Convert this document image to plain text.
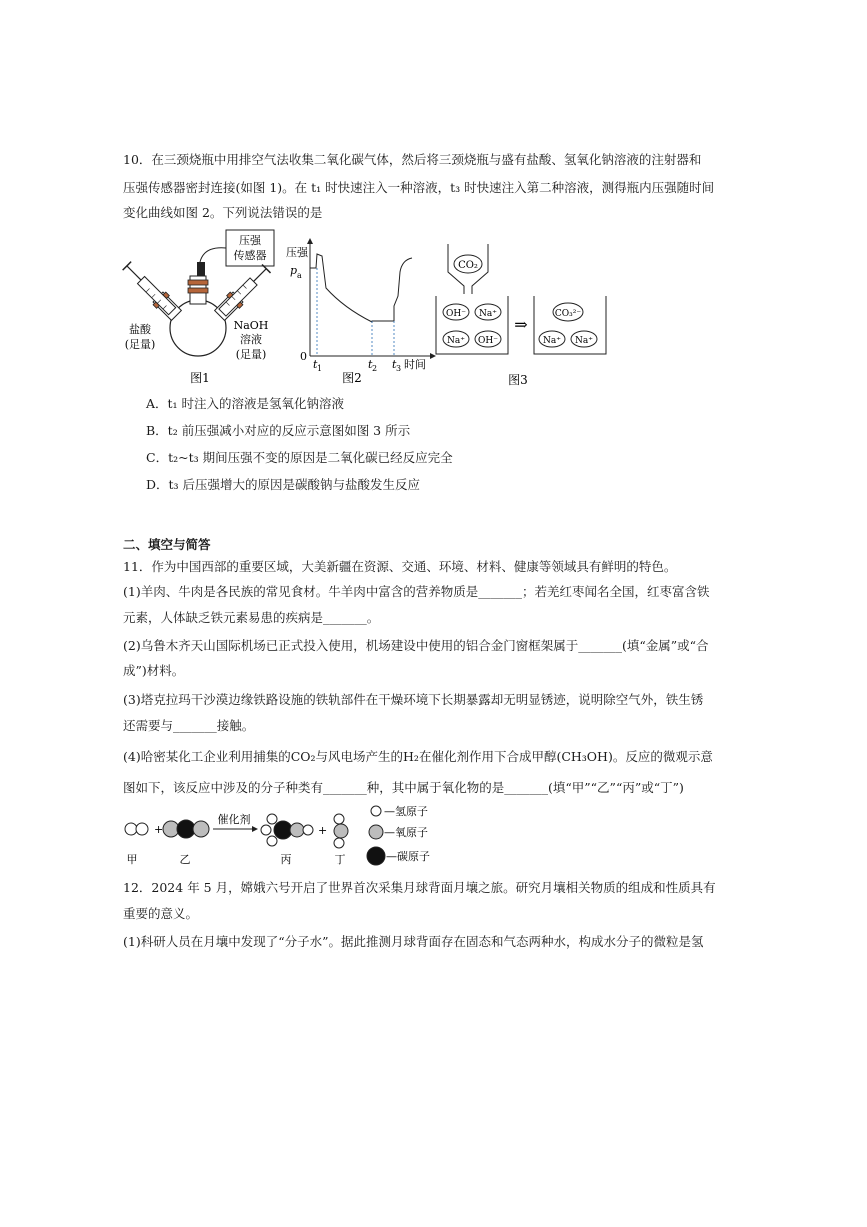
10．在三颈烧瓶中用排空气法收集二氧化碳气体，然后将三颈烧瓶与盛有盐酸、氢氧化钠溶液的注射器和
压强传感器密封连接(如图 1)。在 t₁ 时快速注入一种溶液，t₃ 时快速注入第二种溶液，测得瓶内压强随时间
变化曲线如图 2。下列说法错误的是
压强
传感器
盐酸
(足量)
NaOH
溶液
(足量)
图1
压强
p a
0
t 1	t 2 t 3 时间
图2
CO₂
OH⁻ Na⁺
Na⁺ OH⁻
⇒
CO₃²⁻
Na⁺ Na⁺
图3
A．t₁ 时注入的溶液是氢氧化钠溶液
B．t₂ 前压强减小对应的反应示意图如图 3 所示
C．t₂~t₃ 期间压强不变的原因是二氧化碳已经反应完全
D．t₃ 后压强增大的原因是碳酸钠与盐酸发生反应
二、填空与简答
11．作为中国西部的重要区域，大美新疆在资源、交通、环境、材料、健康等领域具有鲜明的特色。
(1)羊肉、牛肉是各民族的常见食材。牛羊肉中富含的营养物质是_______；若羌红枣闻名全国，红枣富含铁
元素，人体缺乏铁元素易患的疾病是_______。
(2)乌鲁木齐天山国际机场已正式投入使用，机场建设中使用的铝合金门窗框架属于_______(填“金属”或“合
成”)材料。
(3)塔克拉玛干沙漠边缘铁路设施的铁轨部件在干燥环境下长期暴露却无明显锈迹，说明除空气外，铁生锈
还需要与_______接触。
(4)哈密某化工企业利用捕集的CO₂与风电场产生的H₂在催化剂作用下合成甲醇(CH₃OH)。反应的微观示意
图如下，该反应中涉及的分子种类有_______种，其中属于氧化物的是_______(填“甲”“乙”“丙”或“丁”)
+
催化剂
+
—氢原子
—氧原子
—碳原子
甲	乙	丙	丁
12．2024 年 5 月，嫦娥六号开启了世界首次采集月球背面月壤之旅。研究月壤相关物质的组成和性质具有
重要的意义。
(1)科研人员在月壤中发现了“分子水”。据此推测月球背面存在固态和气态两种水，构成水分子的微粒是氢
